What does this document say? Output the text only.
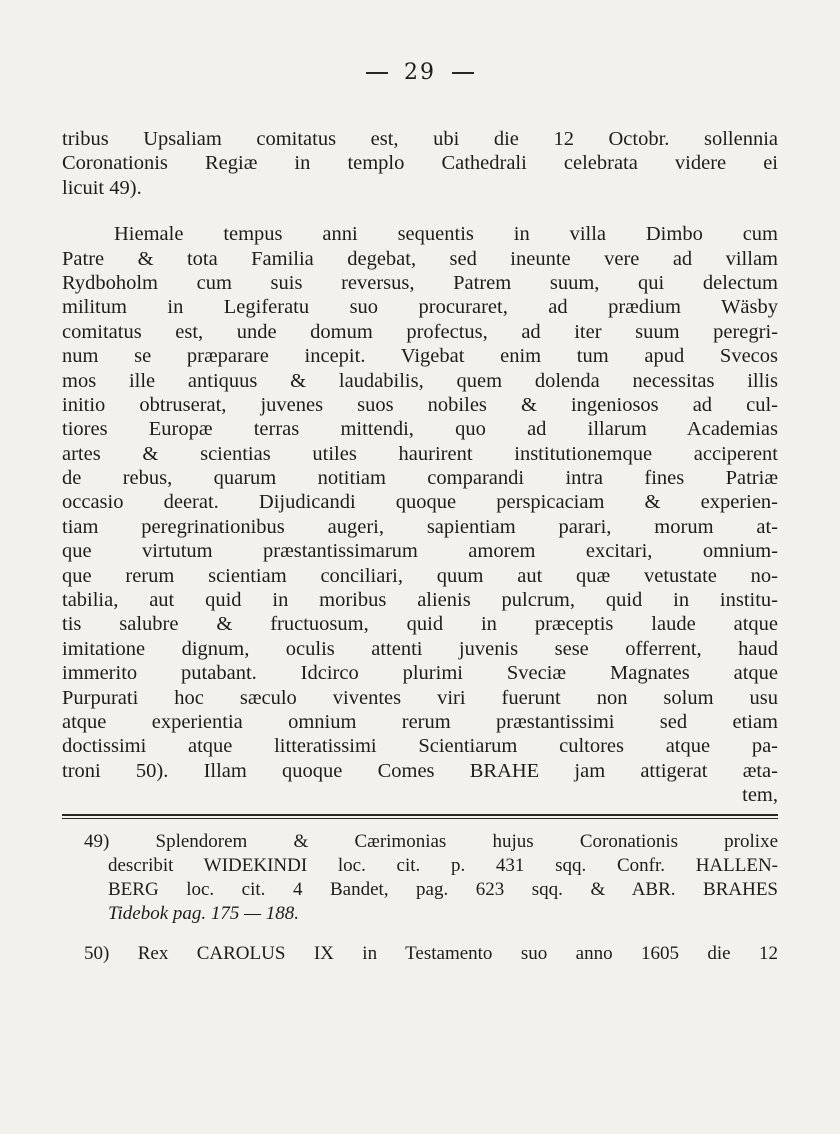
29
tribus Upsaliam comitatus est, ubi die 12 Octobr. sollennia
Coronationis Regiæ in templo Cathedrali celebrata videre ei
licuit 49).
Hiemale tempus anni sequentis in villa Dimbo cum
Patre & tota Familia degebat, sed ineunte vere ad villam
Rydboholm cum suis reversus, Patrem suum, qui delectum
militum in Legiferatu suo procuraret, ad prædium Wäsby
comitatus est, unde domum profectus, ad iter suum peregri-
num se præparare incepit. Vigebat enim tum apud Svecos
mos ille antiquus & laudabilis, quem dolenda necessitas illis
initio obtruserat, juvenes suos nobiles & ingeniosos ad cul-
tiores Europæ terras mittendi, quo ad illarum Academias
artes & scientias utiles haurirent institutionemque acciperent
de rebus, quarum notitiam comparandi intra fines Patriæ
occasio deerat. Dijudicandi quoque perspicaciam & experien-
tiam peregrinationibus augeri, sapientiam parari, morum at-
que virtutum præstantissimarum amorem excitari, omnium-
que rerum scientiam conciliari, quum aut quæ vetustate no-
tabilia, aut quid in moribus alienis pulcrum, quid in institu-
tis salubre & fructuosum, quid in præceptis laude atque
imitatione dignum, oculis attenti juvenis sese offerrent, haud
immerito putabant. Idcirco plurimi Sveciæ Magnates atque
Purpurati hoc sæculo viventes viri fuerunt non solum usu
atque experientia omnium rerum præstantissimi sed etiam
doctissimi atque litteratissimi Scientiarum cultores atque pa-
troni 50). Illam quoque Comes BRAHE jam attigerat æta-
tem,
49) Splendorem & Cærimonias hujus Coronationis prolixe
describit WIDEKINDI loc. cit. p. 431 sqq. Confr. HALLEN-
BERG loc. cit. 4 Bandet, pag. 623 sqq. & ABR. BRAHES
Tidebok pag. 175 — 188.
50) Rex CAROLUS IX in Testamento suo anno 1605 die 12
